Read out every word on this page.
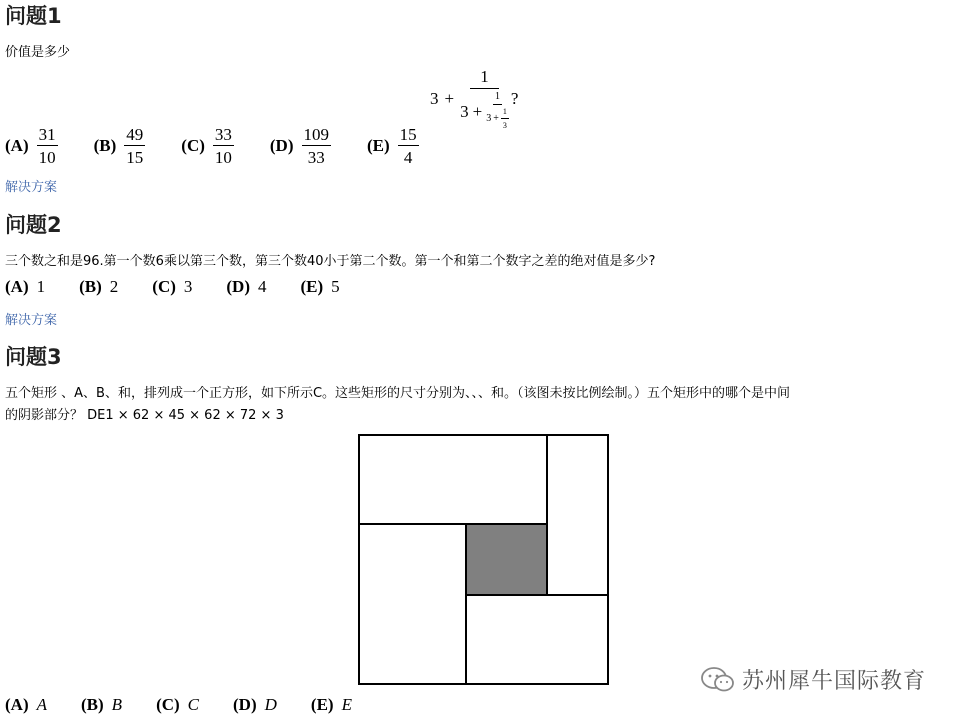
问题1
价值是多少
3 +
1
$3 + \frac{1}{3 + \frac{1}{3}}$ ?
$(A) \frac{31}{10} (B) \frac{49}{15} (C) \frac{33}{10} (D) \frac{109}{33} (E) \frac{15}{4}$
解决方案
问题2
三个数之和是96.第一个数6乘以第三个数，第三个数40小于第二个数。第一个和第二个数字之差的绝对值是多少?
(A) 1 (B) 2 (C) 3 (D) 4 (E) 5
解决方案
问题3
五个矩形 、A、B、和，排列成一个正方形，如下所示C。这些矩形的尺寸分别为、、、和。（该图未按比例绘制。）五个矩形中的哪个是中间
的阴影部分？ DE1 × 62 × 45 × 62 × 72 × 3
(A) A (B) B (C) C (D) D (E) E
苏州犀牛国际教育
